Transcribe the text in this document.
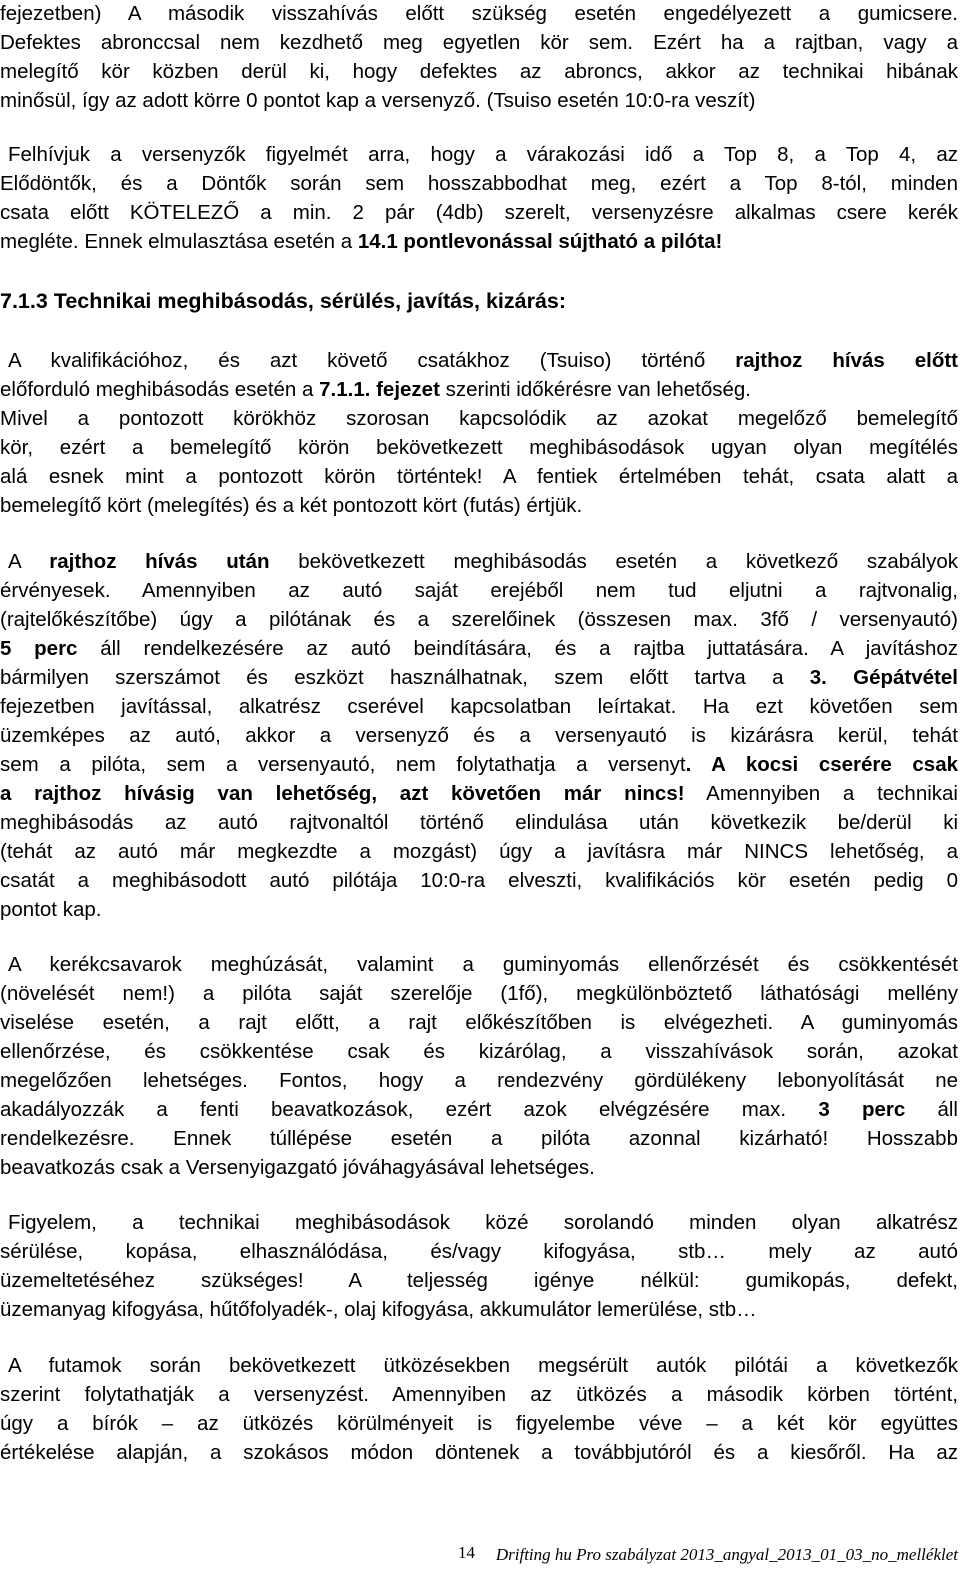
fejezetben) A második visszahívás előtt szükség esetén engedélyezett a gumicsere.
Defektes abronccsal nem kezdhető meg egyetlen kör sem. Ezért ha a rajtban, vagy a
melegítő kör közben derül ki, hogy defektes az abroncs, akkor az technikai hibának
minősül, így az adott körre 0 pontot kap a versenyző. (Tsuiso esetén 10:0-ra veszít)
Felhívjuk a versenyzők figyelmét arra, hogy a várakozási idő a Top 8, a Top 4, az
Elődöntők, és a Döntők során sem hosszabbodhat meg, ezért a Top 8-tól, minden
csata előtt KÖTELEZŐ a min. 2 pár (4db) szerelt, versenyzésre alkalmas csere kerék
megléte. Ennek elmulasztása esetén a 14.1 pontlevonással sújtható a pilóta!
7.1.3 Technikai meghibásodás, sérülés, javítás, kizárás:
A kvalifikációhoz, és azt követő csatákhoz (Tsuiso) történő rajthoz hívás előtt
előforduló meghibásodás esetén a 7.1.1. fejezet szerinti időkérésre van lehetőség.
Mivel a pontozott körökhöz szorosan kapcsolódik az azokat megelőző bemelegítő
kör, ezért a bemelegítő körön bekövetkezett meghibásodások ugyan olyan megítélés
alá esnek mint a pontozott körön történtek! A fentiek értelmében tehát, csata alatt a
bemelegítő kört (melegítés) és a két pontozott kört (futás) értjük.
A rajthoz hívás után bekövetkezett meghibásodás esetén a következő szabályok
érvényesek. Amennyiben az autó saját erejéből nem tud eljutni a rajtvonalig,
(rajtelőkészítőbe) úgy a pilótának és a szerelőinek (összesen max. 3fő / versenyautó)
5 perc áll rendelkezésére az autó beindítására, és a rajtba juttatására. A javításhoz
bármilyen szerszámot és eszközt használhatnak, szem előtt tartva a 3. Gépátvétel
fejezetben javítással, alkatrész cserével kapcsolatban leírtakat. Ha ezt követően sem
üzemképes az autó, akkor a versenyző és a versenyautó is kizárásra kerül, tehát
sem a pilóta, sem a versenyautó, nem folytathatja a versenyt. A kocsi cserére csak
a rajthoz hívásig van lehetőség, azt követően már nincs! Amennyiben a technikai
meghibásodás az autó rajtvonaltól történő elindulása után következik be/derül ki
(tehát az autó már megkezdte a mozgást) úgy a javításra már NINCS lehetőség, a
csatát a meghibásodott autó pilótája 10:0-ra elveszti, kvalifikációs kör esetén pedig 0
pontot kap.
A kerékcsavarok meghúzását, valamint a guminyomás ellenőrzését és csökkentését
(növelését nem!) a pilóta saját szerelője (1fő), megkülönböztető láthatósági mellény
viselése esetén, a rajt előtt, a rajt előkészítőben is elvégezheti. A guminyomás
ellenőrzése, és csökkentése csak és kizárólag, a visszahívások során, azokat
megelőzően lehetséges. Fontos, hogy a rendezvény gördülékeny lebonyolítását ne
akadályozzák a fenti beavatkozások, ezért azok elvégzésére max. 3 perc áll
rendelkezésre. Ennek túllépése esetén a pilóta azonnal kizárható! Hosszabb
beavatkozás csak a Versenyigazgató jóváhagyásával lehetséges.
Figyelem, a technikai meghibásodások közé sorolandó minden olyan alkatrész
sérülése, kopása, elhasználódása, és/vagy kifogyása, stb… mely az autó
üzemeltetéséhez szükséges! A teljesség igénye nélkül: gumikopás, defekt,
üzemanyag kifogyása, hűtőfolyadék-, olaj kifogyása, akkumulátor lemerülése, stb…
A futamok során bekövetkezett ütközésekben megsérült autók pilótái a következők
szerint folytathatják a versenyzést. Amennyiben az ütközés a második körben történt,
úgy a bírók – az ütközés körülményeit is figyelembe véve – a két kör együttes
értékelése alapján, a szokásos módon döntenek a továbbjutóról és a kiesőről. Ha az
Drifting hu Pro szabályzat 2013_angyal_2013_01_03_no_melléklet
14
